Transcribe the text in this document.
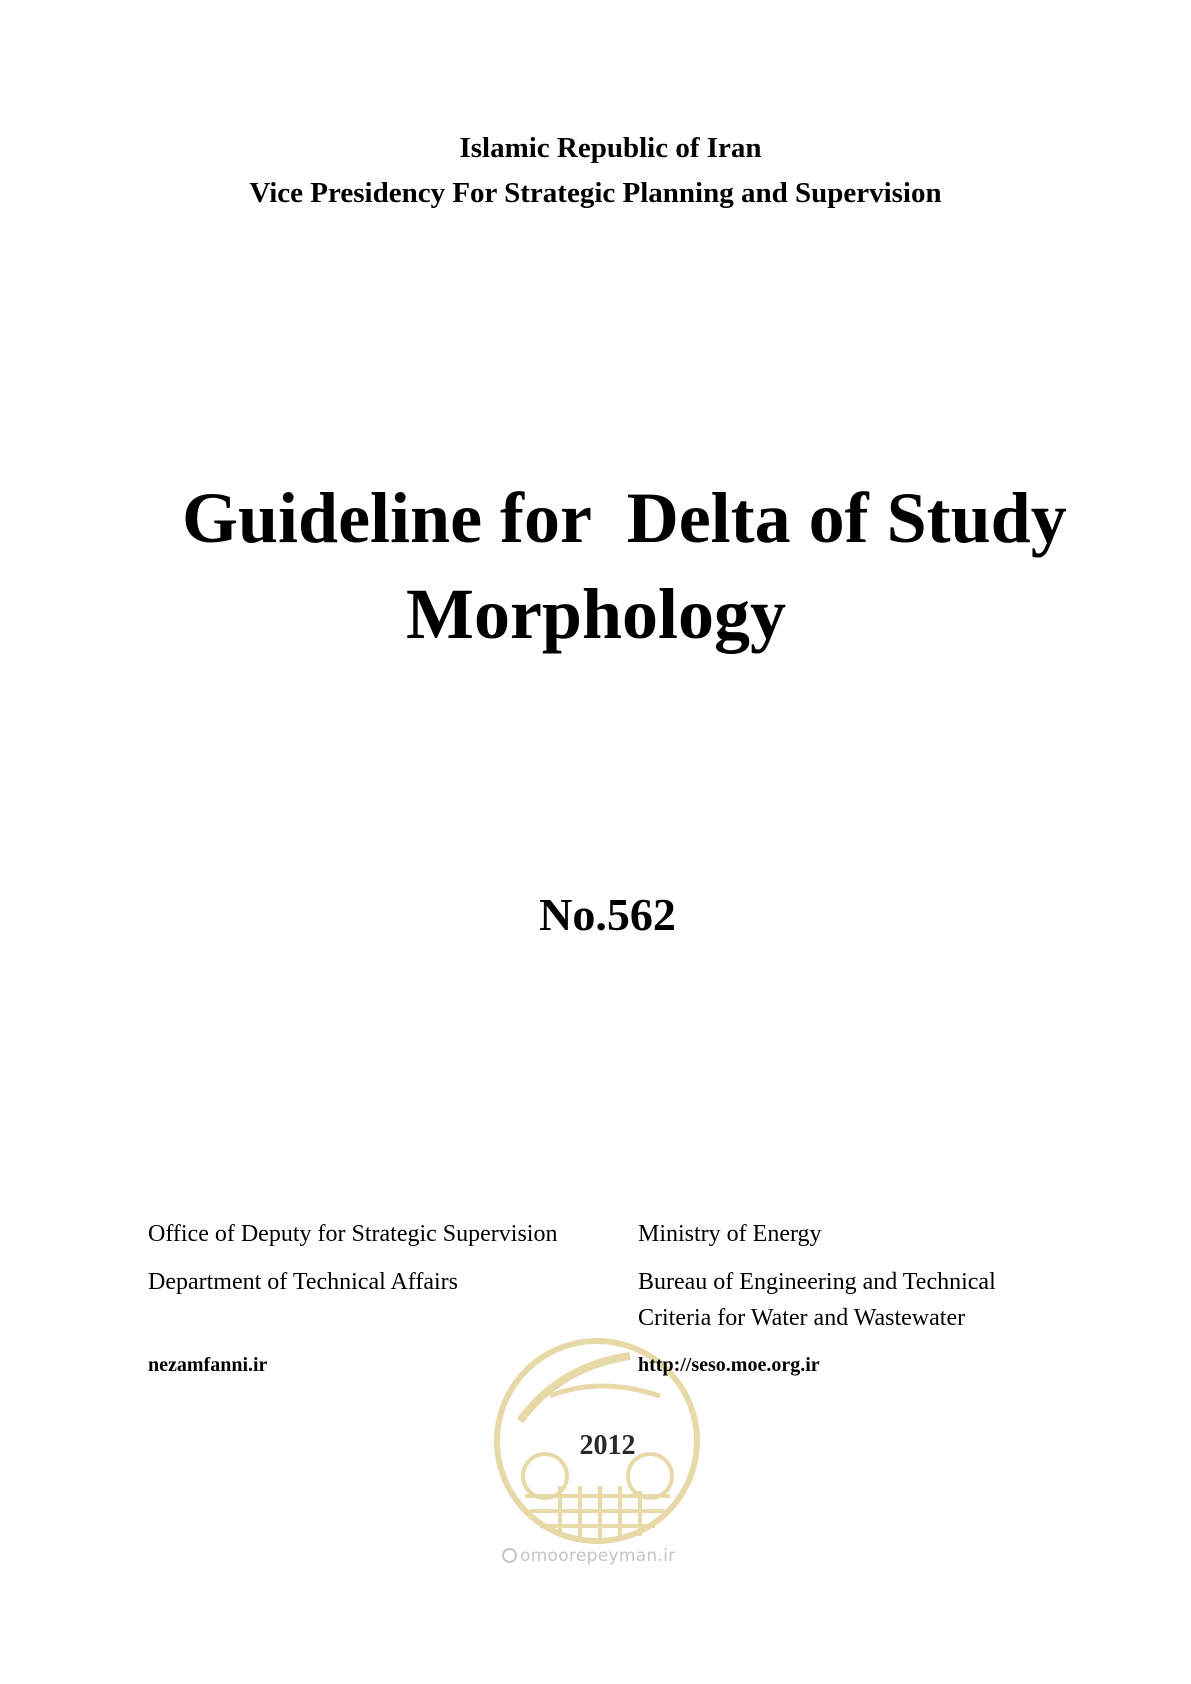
Islamic Republic of Iran
Vice Presidency For Strategic Planning and Supervision
Guideline for  Delta of Study
Morphology
No.562
Office of Deputy for Strategic Supervision
Department of Technical Affairs
Ministry of Energy
Bureau of Engineering and Technical
Criteria for Water and Wastewater
nezamfanni.ir	http://seso.moe.org.ir
2012
omoorepeyman.ir
